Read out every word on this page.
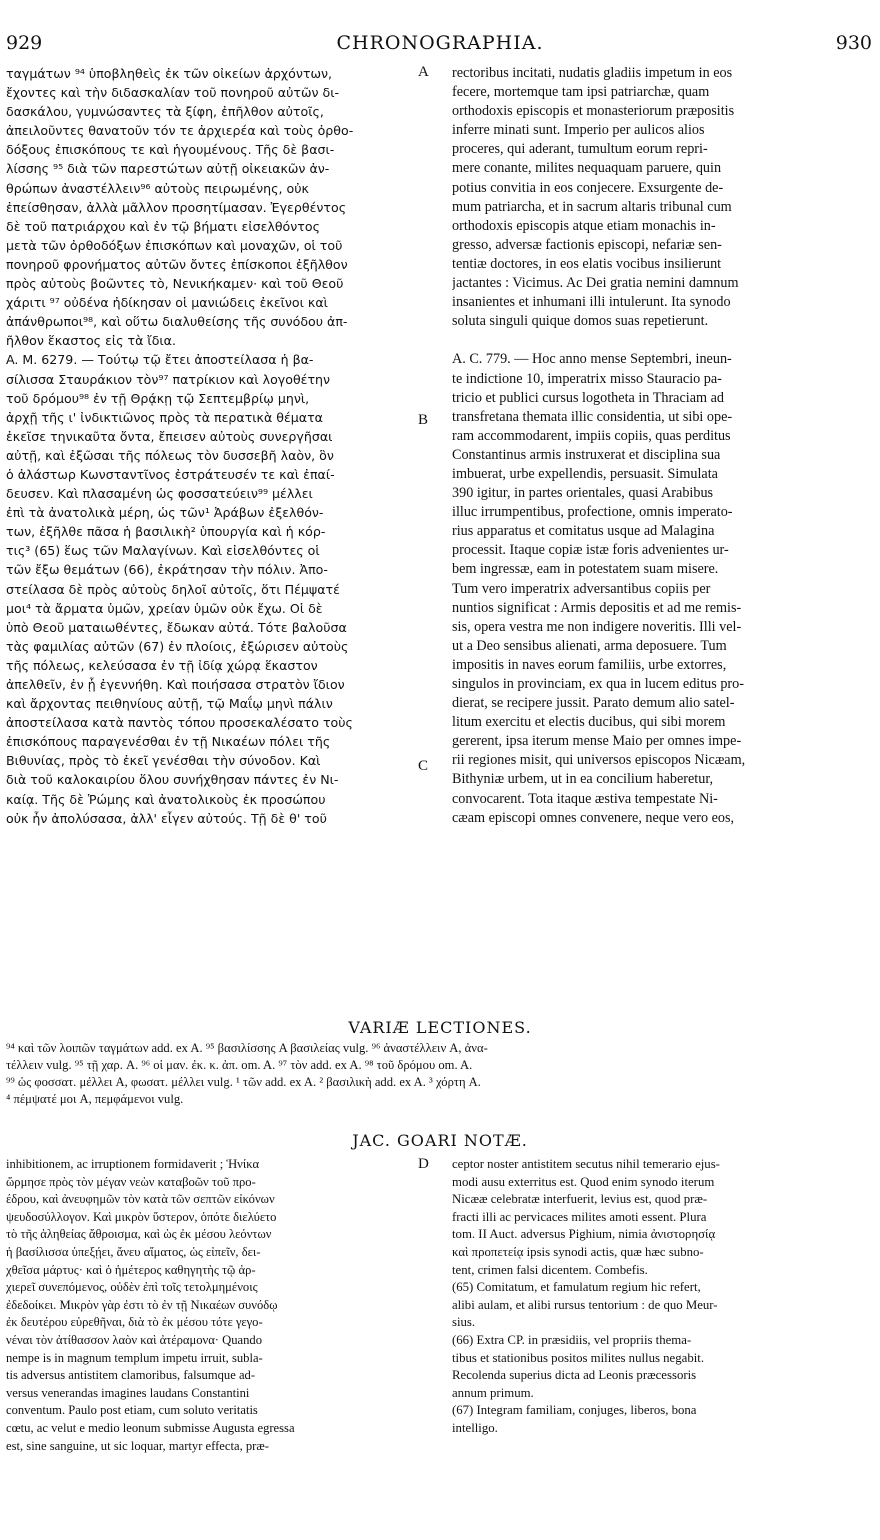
929	CHRONOGRAPHIA.	930
ταγμάτων ⁹⁴ ὑποβληθεὶς ἐκ τῶν οἰκείων ἀρχόντων,
ἔχοντες καὶ τὴν διδασκαλίαν τοῦ πονηροῦ αὐτῶν δι-
δασκάλου, γυμνώσαντες τὰ ξίφη, ἐπῆλθον αὐτοῖς,
ἀπειλοῦντες θανατοῦν τόν τε ἀρχιερέα καὶ τοὺς ὀρθο-
δόξους ἐπισκόπους τε καὶ ἡγουμένους. Τῆς δὲ βασι-
λίσσης ⁹⁵ διὰ τῶν παρεστώτων αὐτῇ οἰκειακῶν ἀν-
θρώπων ἀναστέλλειν⁹⁶ αὐτοὺς πειρωμένης, οὐκ
ἐπείσθησαν, ἀλλὰ μᾶλλον προσητίμασαν. Ἐγερθέντος
δὲ τοῦ πατριάρχου καὶ ἐν τῷ βήματι εἰσελθόντος
μετὰ τῶν ὀρθοδόξων ἐπισκόπων καὶ μοναχῶν, οἱ τοῦ
πονηροῦ φρονήματος αὐτῶν ὄντες ἐπίσκοποι ἐξῆλθον
πρὸς αὐτοὺς βοῶντες τὸ, Νενικήκαμεν· καὶ τοῦ Θεοῦ
χάριτι ⁹⁷ οὐδένα ἠδίκησαν οἱ μανιώδεις ἐκεῖνοι καὶ
ἀπάνθρωποι⁹⁸, καὶ οὕτω διαλυθείσης τῆς συνόδου ἀπ-
ῆλθον ἕκαστος εἰς τὰ ἴδια.
A. M. 6279. — Τούτῳ τῷ ἔτει ἀποστείλασα ἡ βα-
σίλισσα Σταυράκιον τὸν⁹⁷ πατρίκιον καὶ λογοθέτην
τοῦ δρόμου⁹⁸ ἐν τῇ Θρᾴκῃ τῷ Σεπτεμβρίῳ μηνὶ,
ἀρχῇ τῆς ι' ἰνδικτιῶνος πρὸς τὰ περατικὰ θέματα
ἐκεῖσε τηνικαῦτα ὄντα, ἔπεισεν αὐτοὺς συνεργῆσαι
αὐτῇ, καὶ ἐξῶσαι τῆς πόλεως τὸν δυσσεβῆ λαὸν, ὃν
ὁ ἀλάστωρ Κωνσταντῖνος ἐστράτευσέν τε καὶ ἐπαί-
δευσεν. Καὶ πλασαμένη ὡς φοσσατεύειν⁹⁹ μέλλει
ἐπὶ τὰ ἀνατολικὰ μέρη, ὡς τῶν¹ Ἀράβων ἐξελθόν-
των, ἐξῆλθε πᾶσα ἡ βασιλικὴ² ὑπουργία καὶ ἡ κόρ-
τις³ (65) ἕως τῶν Μαλαγίνων. Καὶ εἰσελθόντες οἱ
τῶν ἔξω θεμάτων (66), ἐκράτησαν τὴν πόλιν. Ἀπο-
στείλασα δὲ πρὸς αὐτοὺς δηλοῖ αὐτοῖς, ὅτι Πέμψατέ
μοι⁴ τὰ ἄρματα ὑμῶν, χρείαν ὑμῶν οὐκ ἔχω. Οἱ δὲ
ὑπὸ Θεοῦ ματαιωθέντες, ἔδωκαν αὐτά. Τότε βαλοῦσα
τὰς φαμιλίας αὐτῶν (67) ἐν πλοίοις, ἐξώρισεν αὐτοὺς
τῆς πόλεως, κελεύσασα ἐν τῇ ἰδίᾳ χώρᾳ ἕκαστον
ἀπελθεῖν, ἐν ᾗ ἐγεννήθη. Καὶ ποιήσασα στρατὸν ἴδιον
καὶ ἄρχοντας πειθηνίους αὐτῇ, τῷ Μαΐῳ μηνὶ πάλιν
ἀποστείλασα κατὰ παντὸς τόπου προσεκαλέσατο τοὺς
ἐπισκόπους παραγενέσθαι ἐν τῇ Νικαέων πόλει τῆς
Βιθυνίας, πρὸς τὸ ἐκεῖ γενέσθαι τὴν σύνοδον. Καὶ
διὰ τοῦ καλοκαιρίου ὅλου συνήχθησαν πάντες ἐν Νι-
καίᾳ. Τῆς δὲ Ῥώμης καὶ ἀνατολικοὺς ἐκ προσώπου
οὐκ ἦν ἀπολύσασα, ἀλλ' εἶγεν αὐτούς. Τῇ δὲ θ' τοῦ
rectoribus incitati, nudatis gladiis impetum in eos
fecere, mortemque tam ipsi patriarchæ, quam
orthodoxis episcopis et monasteriorum præpositis
inferre minati sunt. Imperio per aulicos alios
proceres, qui aderant, tumultum eorum repri-
mere conante, milites nequaquam paruere, quin
potius convitia in eos conjecere. Exsurgente de-
mum patriarcha, et in sacrum altaris tribunal cum
orthodoxis episcopis atque etiam monachis in-
gresso, adversæ factionis episcopi, nefariæ sen-
tentiæ doctores, in eos elatis vocibus insilierunt
jactantes : Vicimus. Ac Dei gratia nemini damnum
insanientes et inhumani illi intulerunt. Ita synodo
soluta singuli quique domos suas repetierunt.

A. C. 779. — Hoc anno mense Septembri, ineun-
te indictione 10, imperatrix misso Stauracio pa-
tricio et publici cursus logotheta in Thraciam ad
transfretana themata illic considentia, ut sibi ope-
ram accommodarent, impiis copiis, quas perditus
Constantinus armis instruxerat et disciplina sua
imbuerat, urbe expellendis, persuasit. Simulata
390 igitur, in partes orientales, quasi Arabibus
illuc irrumpentibus, profectione, omnis imperato-
rius apparatus et comitatus usque ad Malagina
processit. Itaque copiæ istæ foris advenientes ur-
bem ingressæ, eam in potestatem suam misere.
Tum vero imperatrix adversantibus copiis per
nuntios significat : Armis depositis et ad me remis-
sis, opera vestra me non indigere noveritis. Illi vel-
ut a Deo sensibus alienati, arma deposuere. Tum
impositis in naves eorum familiis, urbe extorres,
singulos in provinciam, ex qua in lucem editus pro-
dierat, se recipere jussit. Parato demum alio satel-
litum exercitu et electis ducibus, qui sibi morem
gererent, ipsa iterum mense Maio per omnes impe-
rii regiones misit, qui universos episcopos Nicæam,
Bithyniæ urbem, ut in ea concilium haberetur,
convocarent. Tota itaque æstiva tempestate Ni-
cæam episcopi omnes convenere, neque vero eos,
A
B
C
D
VARIÆ LECTIONES.
⁹⁴ καὶ τῶν λοιπῶν ταγμάτων add. ex A. ⁹⁵ βασιλίσσης A βασιλείας vulg. ⁹⁶ ἀναστέλλειν A, ἀνα-
τέλλειν vulg. ⁹⁵ τῇ χαρ. A. ⁹⁶ οἱ μαν. ἐκ. κ. ἀπ. om. A. ⁹⁷ τὸν add. ex A. ⁹⁸ τοῦ δρόμου om. A.
⁹⁹ ὡς φοσσατ. μέλλει A, φωσατ. μέλλει vulg. ¹ τῶν add. ex A. ² βασιλικὴ add. ex A. ³ χόρτη A.
⁴ πέμψατέ μοι A, πεμφάμενοι vulg.
JAC. GOARI NOTÆ.
inhibitionem, ac irruptionem formidaverit ; Ἡνίκα
ὥρμησε πρὸς τὸν μέγαν νεὼν καταβοῶν τοῦ προ-
έδρου, καὶ ἀνευφημῶν τὸν κατὰ τῶν σεπτῶν εἰκόνων
ψευδοσύλλογον. Καὶ μικρὸν ὕστερον, ὁπότε διελύετο
τὸ τῆς ἀληθείας ἄθροισμα, καὶ ὡς ἐκ μέσου λεόντων
ἡ βασίλισσα ὑπεξῄει, ἄνευ αἵματος, ὡς εἰπεῖν, δει-
χθεῖσα μάρτυς· καὶ ὁ ἡμέτερος καθηγητὴς τῷ ἀρ-
χιερεῖ συνεπόμενος, οὐδὲν ἐπὶ τοῖς τετολμημένοις
ἐδεδοίκει. Μικρὸν γὰρ ἐστι τὸ ἐν τῇ Νικαέων συνόδῳ
ἐκ δευτέρου εὑρεθῆναι, διὰ τὸ ἐκ μέσου τότε γεγο-
νέναι τὸν ἀτίθασσον λαὸν καὶ ἀτέραμονα· Quando
nempe is in magnum templum impetu irruit, subla-
tis adversus antistitem clamoribus, falsumque ad-
versus venerandas imagines laudans Constantini
conventum. Paulo post etiam, cum soluto veritatis
cœtu, ac velut e medio leonum submisse Augusta egressa
est, sine sanguine, ut sic loquar, martyr effecta, præ-
ceptor noster antistitem secutus nihil temerario ejus-
modi ausu exterritus est. Quod enim synodo iterum
Nicææ celebratæ interfuerit, levius est, quod præ-
fracti illi ac pervicaces milites amoti essent. Plura
tom. II Auct. adversus Pighium, nimia ἀνιστορησίᾳ
καὶ προπετείᾳ ipsis synodi actis, quæ hæc subno-
tent, crimen falsi dicentem. Combefis.
(65) Comitatum, et famulatum regium hic refert,
alibi aulam, et alibi rursus tentorium : de quo Meur-
sius.
(66) Extra CP. in præsidiis, vel propriis thema-
tibus et stationibus positos milites nullus negabit.
Recolenda superius dicta ad Leonis præcessoris
annum primum.
(67) Integram familiam, conjuges, liberos, bona
intelligo.
